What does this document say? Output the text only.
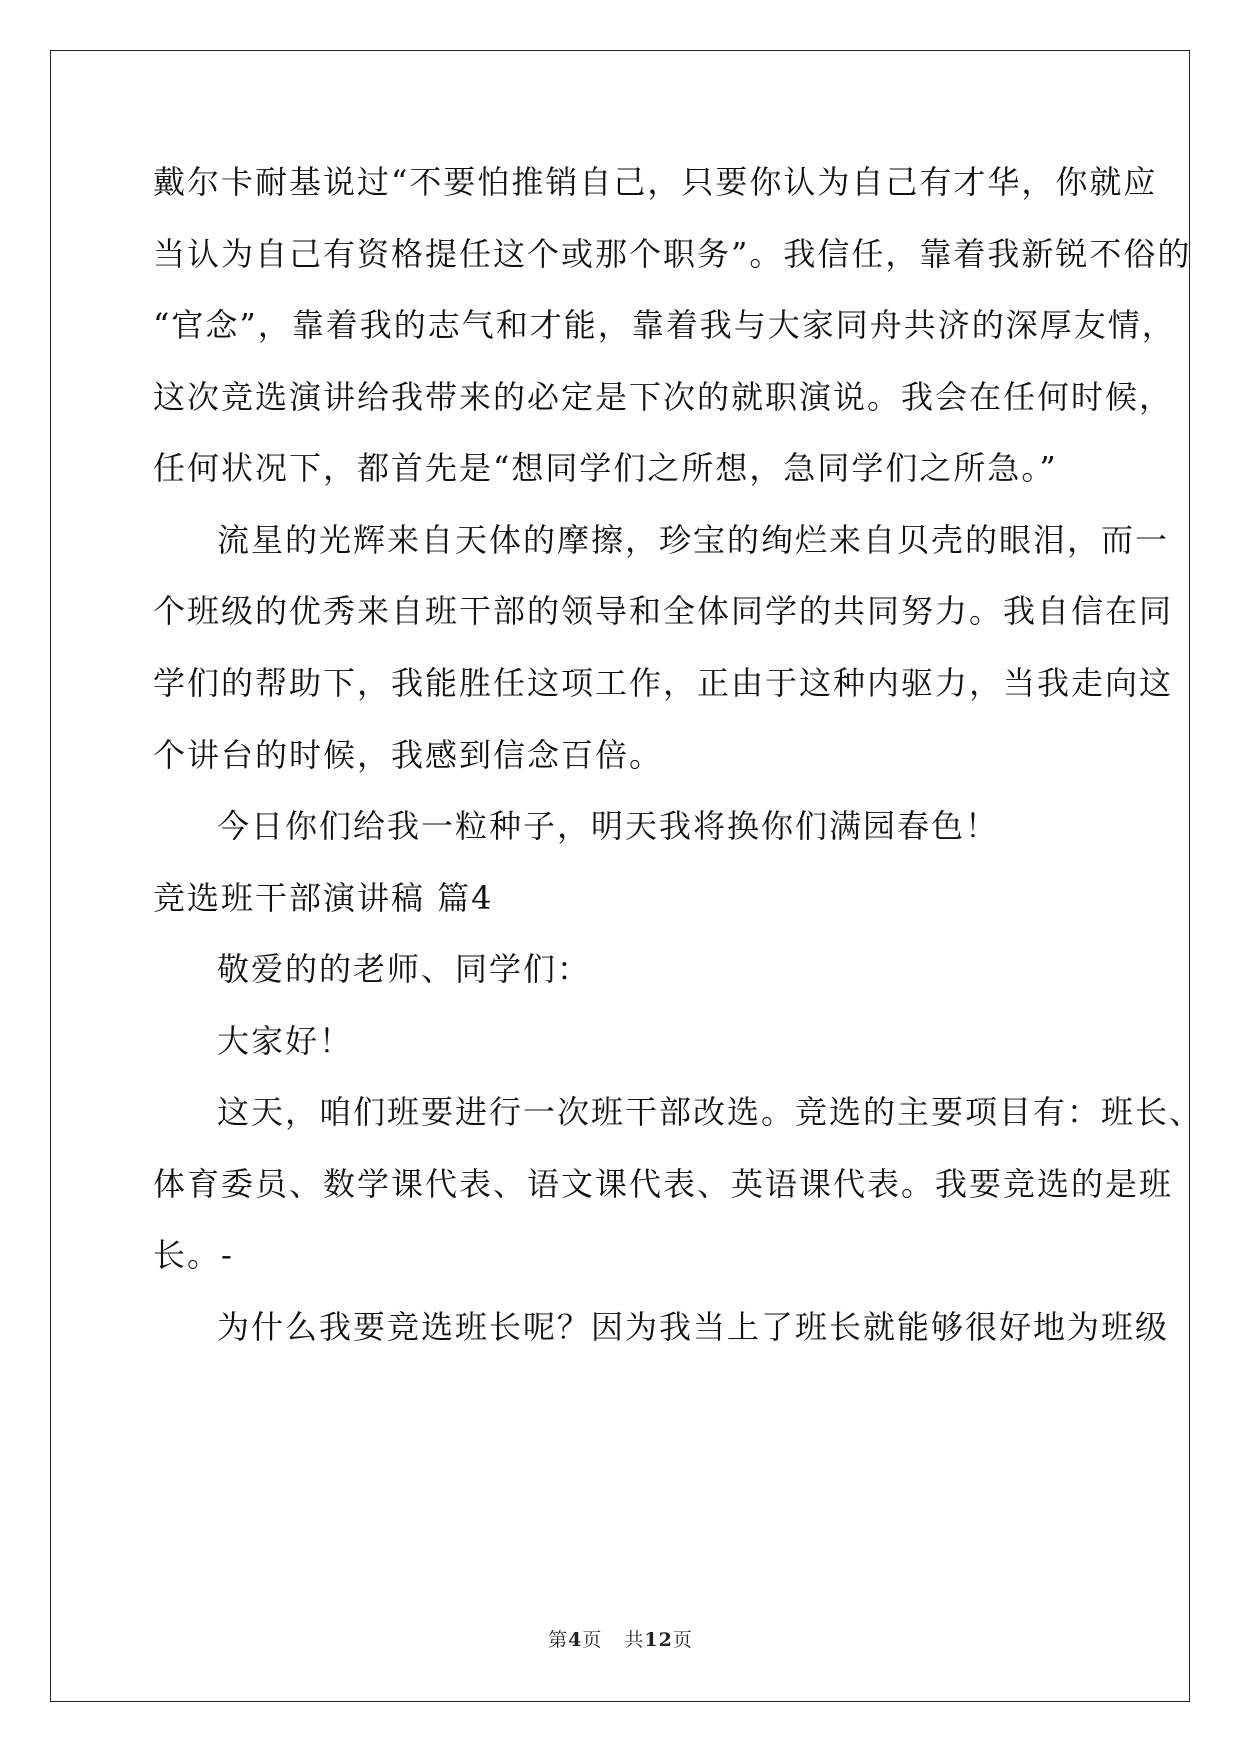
戴尔卡耐基说过“不要怕推销自己，只要你认为自己有才华，你就应
当认为自己有资格提任这个或那个职务”。我信任，靠着我新锐不俗的
“官念”，靠着我的志气和才能，靠着我与大家同舟共济的深厚友情，
这次竞选演讲给我带来的必定是下次的就职演说。我会在任何时候，
任何状况下，都首先是“想同学们之所想，急同学们之所急。”
流星的光辉来自天体的摩擦，珍宝的绚烂来自贝壳的眼泪，而一
个班级的优秀来自班干部的领导和全体同学的共同努力。我自信在同
学们的帮助下，我能胜任这项工作，正由于这种内驱力，当我走向这
个讲台的时候，我感到信念百倍。
今日你们给我一粒种子，明天我将换你们满园春色！
竞选班干部演讲稿 篇4
敬爱的的老师、同学们：
大家好！
这天，咱们班要进行一次班干部改选。竞选的主要项目有：班长、
体育委员、数学课代表、语文课代表、英语课代表。我要竞选的是班
长。-
为什么我要竞选班长呢？因为我当上了班长就能够很好地为班级
第4页 共12页
